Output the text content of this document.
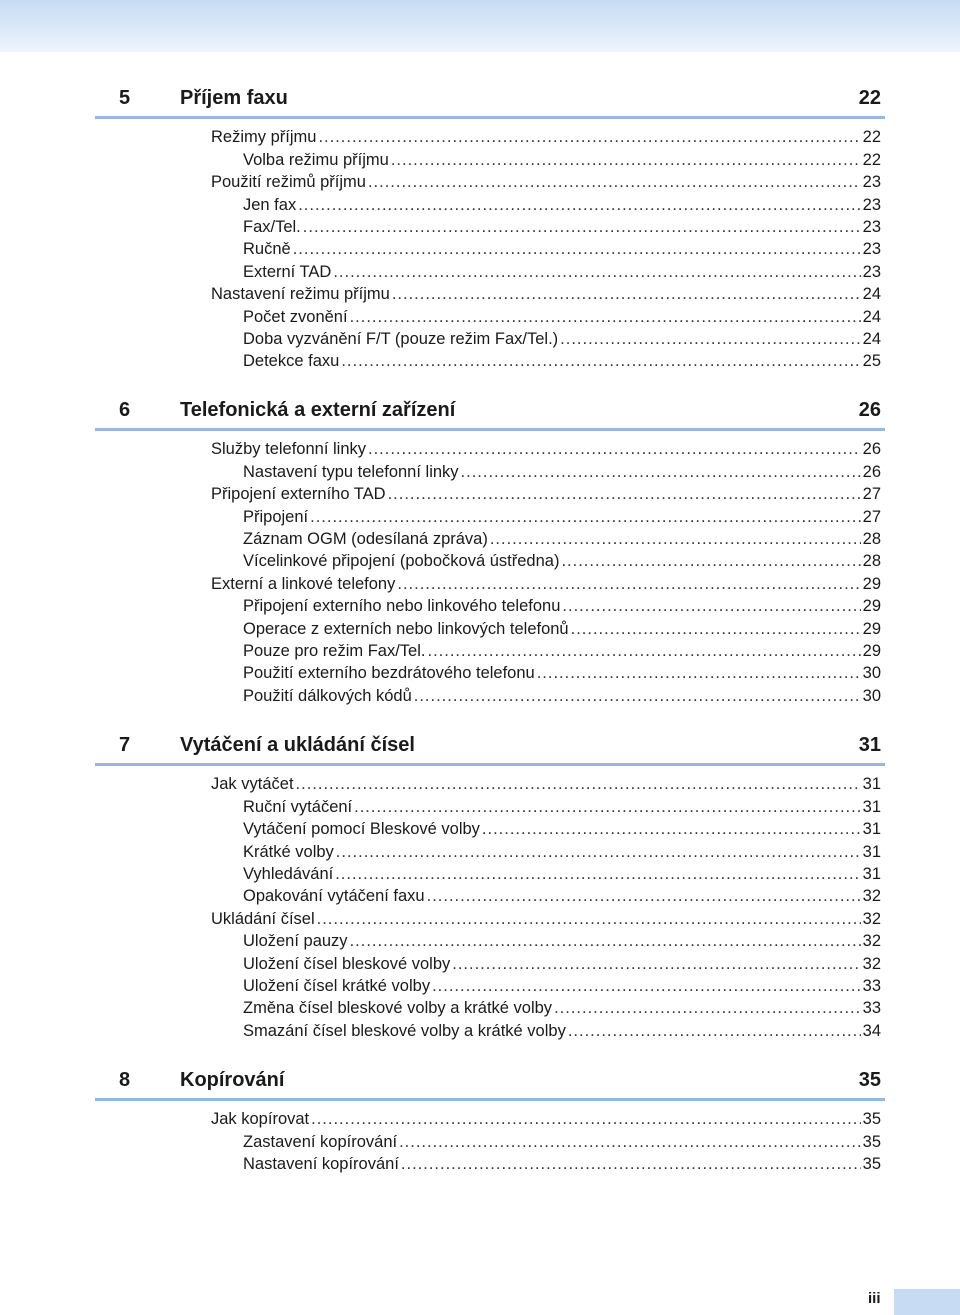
5 Příjem faxu	22
Režimy příjmu .....	22
Volba režimu příjmu .....	22
Použití režimů příjmu .....	23
Jen fax .....	23
Fax/Tel. .....	23
Ručně .....	23
Externí TAD .....	23
Nastavení režimu příjmu .....	24
Počet zvonění .....	24
Doba vyzvánění F/T (pouze režim Fax/Tel.) .....	24
Detekce faxu .....	25
6 Telefonická a externí zařízení	26
Služby telefonní linky .....	26
Nastavení typu telefonní linky .....	26
Připojení externího TAD .....	27
Připojení .....	27
Záznam OGM (odesílaná zpráva) .....	28
Vícelinkové připojení (pobočková ústředna) .....	28
Externí a linkové telefony .....	29
Připojení externího nebo linkového telefonu .....	29
Operace z externích nebo linkových telefonů .....	29
Pouze pro režim Fax/Tel. .....	29
Použití externího bezdrátového telefonu .....	30
Použití dálkových kódů .....	30
7 Vytáčení a ukládání čísel	31
Jak vytáčet .....	31
Ruční vytáčení .....	31
Vytáčení pomocí Bleskové volby .....	31
Krátké volby .....	31
Vyhledávání .....	31
Opakování vytáčení faxu .....	32
Ukládání čísel .....	32
Uložení pauzy .....	32
Uložení čísel bleskové volby .....	32
Uložení čísel krátké volby .....	33
Změna čísel bleskové volby a krátké volby .....	33
Smazání čísel bleskové volby a krátké volby .....	34
8 Kopírování	35
Jak kopírovat .....	35
Zastavení kopírování .....	35
Nastavení kopírování .....	35
iii
